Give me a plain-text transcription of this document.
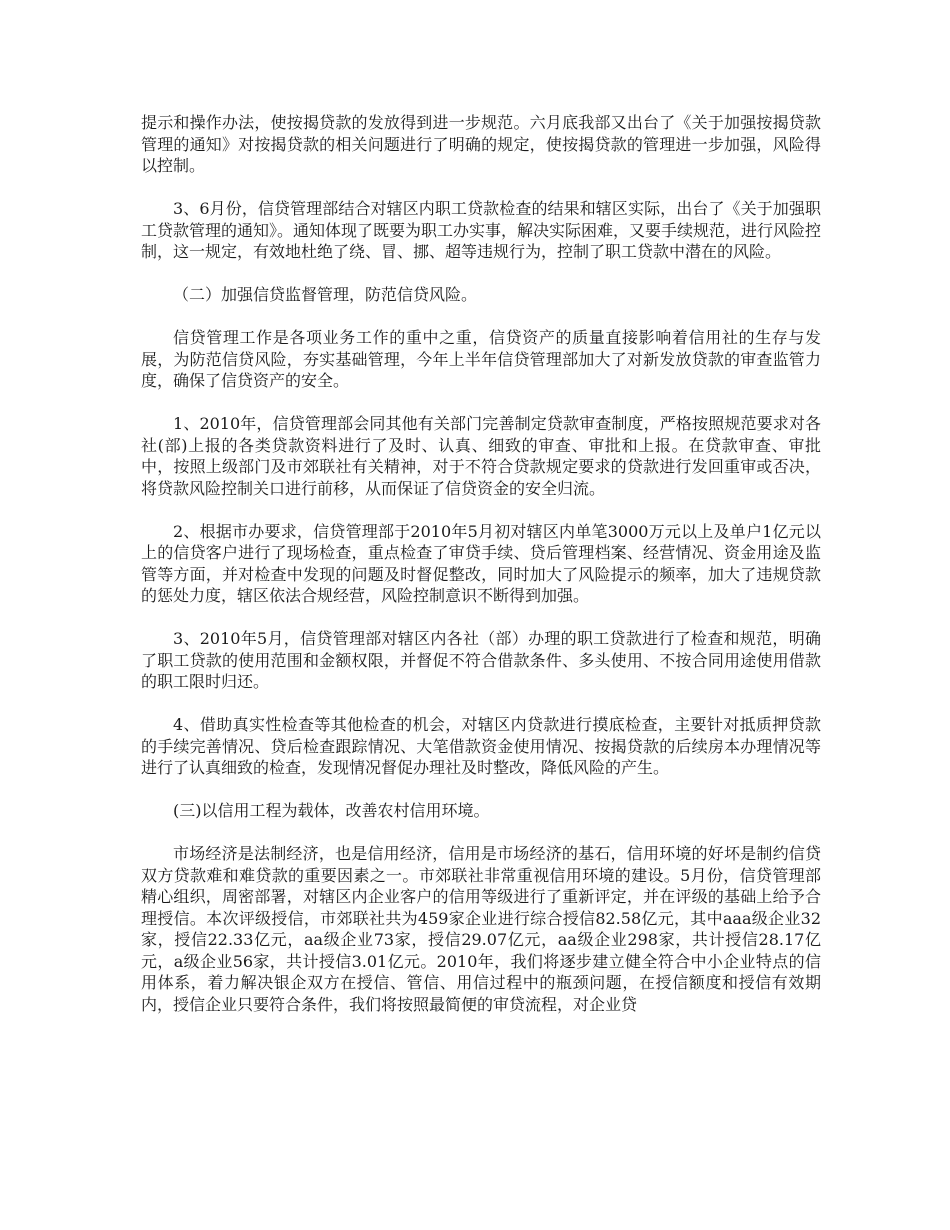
提示和操作办法，使按揭贷款的发放得到进一步规范。六月底我部又出台了《关于加强按揭贷款管理的通知》对按揭贷款的相关问题进行了明确的规定，使按揭贷款的管理进一步加强，风险得以控制。

3、6月份，信贷管理部结合对辖区内职工贷款检查的结果和辖区实际，出台了《关于加强职工贷款管理的通知》。通知体现了既要为职工办实事，解决实际困难，又要手续规范，进行风险控制，这一规定，有效地杜绝了绕、冒、挪、超等违规行为，控制了职工贷款中潜在的风险。

（二）加强信贷监督管理，防范信贷风险。

信贷管理工作是各项业务工作的重中之重，信贷资产的质量直接影响着信用社的生存与发展，为防范信贷风险，夯实基础管理，今年上半年信贷管理部加大了对新发放贷款的审查监管力度，确保了信贷资产的安全。

1、2010年，信贷管理部会同其他有关部门完善制定贷款审查制度，严格按照规范要求对各社(部)上报的各类贷款资料进行了及时、认真、细致的审查、审批和上报。在贷款审查、审批中，按照上级部门及市郊联社有关精神，对于不符合贷款规定要求的贷款进行发回重审或否决，将贷款风险控制关口进行前移，从而保证了信贷资金的安全归流。

2、根据市办要求，信贷管理部于2010年5月初对辖区内单笔3000万元以上及单户1亿元以上的信贷客户进行了现场检查，重点检查了审贷手续、贷后管理档案、经营情况、资金用途及监管等方面，并对检查中发现的问题及时督促整改，同时加大了风险提示的频率，加大了违规贷款的惩处力度，辖区依法合规经营，风险控制意识不断得到加强。

3、2010年5月，信贷管理部对辖区内各社（部）办理的职工贷款进行了检查和规范，明确了职工贷款的使用范围和金额权限，并督促不符合借款条件、多头使用、不按合同用途使用借款的职工限时归还。

4、借助真实性检查等其他检查的机会，对辖区内贷款进行摸底检查，主要针对抵质押贷款的手续完善情况、贷后检查跟踪情况、大笔借款资金使用情况、按揭贷款的后续房本办理情况等进行了认真细致的检查，发现情况督促办理社及时整改，降低风险的产生。

(三)以信用工程为载体，改善农村信用环境。

市场经济是法制经济，也是信用经济，信用是市场经济的基石，信用环境的好坏是制约信贷双方贷款难和难贷款的重要因素之一。市郊联社非常重视信用环境的建设。5月份，信贷管理部精心组织，周密部署，对辖区内企业客户的信用等级进行了重新评定，并在评级的基础上给予合理授信。本次评级授信，市郊联社共为459家企业进行综合授信82.58亿元，其中aaa级企业32家，授信22.33亿元，aa级企业73家，授信29.07亿元，aa级企业298家，共计授信28.17亿元，a级企业56家，共计授信3.01亿元。2010年，我们将逐步建立健全符合中小企业特点的信用体系，着力解决银企双方在授信、管信、用信过程中的瓶颈问题，在授信额度和授信有效期内，授信企业只要符合条件，我们将按照最简便的审贷流程，对企业贷
